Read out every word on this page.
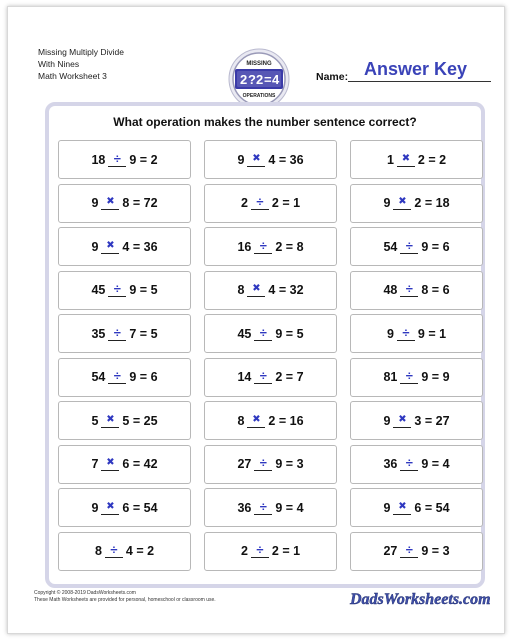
Missing Multiply Divide
With Nines
Math Worksheet 3	2 ? 2 = 4
MISSING
OPERATIONS
Name: Answer Key
What operation makes the number sentence correct?
18 ÷ 9 = 2	9 ✖ 4 = 36	1 ✖ 2 = 2
9 ✖ 8 = 72	2 ÷ 2 = 1	9 ✖ 2 = 18
9 ✖ 4 = 36	16 ÷ 2 = 8	54 ÷ 9 = 6
45 ÷ 9 = 5	8 ✖ 4 = 32	48 ÷ 8 = 6
35 ÷ 7 = 5	45 ÷ 9 = 5	9 ÷ 9 = 1
54 ÷ 9 = 6	14 ÷ 2 = 7	81 ÷ 9 = 9
5 ✖ 5 = 25	8 ✖ 2 = 16	9 ✖ 3 = 27
7 ✖ 6 = 42	27 ÷ 9 = 3	36 ÷ 9 = 4
9 ✖ 6 = 54	36 ÷ 9 = 4	9 ✖ 6 = 54
8 ÷ 4 = 2	2 ÷ 2 = 1	27 ÷ 9 = 3
Copyright © 2008-2019 DadsWorksheets.com
These Math Worksheets are provided for personal, homeschool or classroom use.	DadsWorksheets.com
